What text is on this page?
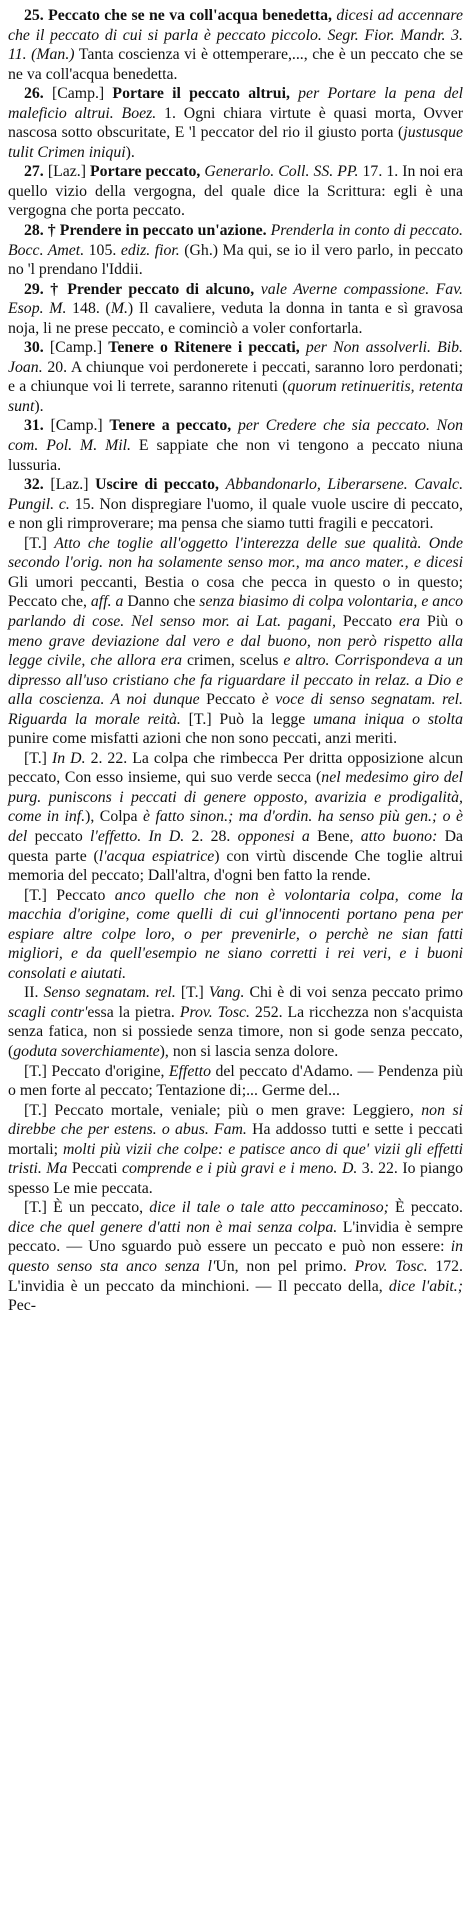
25. Peccato che se ne va coll'acqua benedetta, dicesi ad accennare che il peccato di cui si parla è peccato piccolo. Segr. Fior. Mandr. 3. 11. (Man.) Tanta coscienza vi è ottemperare,..., che è un peccato che se ne va coll'acqua benedetta.

26. [Camp.] Portare il peccato altrui, per Portare la pena del maleficio altrui. Boez. 1. Ogni chiara virtute è quasi morta, Ovver nascosa sotto obscuritate, E 'l peccator del rio il giusto porta (justusque tulit Crimen iniqui).

27. [Laz.] Portare peccato, Generarlo. Coll. SS. PP. 17. 1. In noi era quello vizio della vergogna, del quale dice la Scrittura: egli è una vergogna che porta peccato.

28. † Prendere in peccato un'azione. Prenderla in conto di peccato. Bocc. Amet. 105. ediz. fior. (Gh.) Ma qui, se io il vero parlo, in peccato no 'l prendano l'Iddii.

29. † Prender peccato di alcuno, vale Averne compassione. Fav. Esop. M. 148. (M.) Il cavaliere, veduta la donna in tanta e sì gravosa noja, li ne prese peccato, e cominciò a voler confortarla.

30. [Camp.] Tenere o Ritenere i peccati, per Non assolverli. Bib. Joan. 20. A chiunque voi perdonerete i peccati, saranno loro perdonati; e a chiunque voi li terrete, saranno ritenuti (quorum retinueritis, retenta sunt).

31. [Camp.] Tenere a peccato, per Credere che sia peccato. Non com. Pol. M. Mil. E sappiate che non vi tengono a peccato niuna lussuria.

32. [Laz.] Uscire di peccato, Abbandonarlo, Liberarsene. Cavalc. Pungil. c. 15. Non dispregiare l'uomo, il quale vuole uscire di peccato, e non gli rimproverare; ma pensa che siamo tutti fragili e peccatori.

[T.] Atto che toglie all'oggetto l'interezza delle sue qualità. Onde secondo l'orig. non ha solamente senso mor., ma anco mater., e dicesi Gli umori peccanti, Bestia o cosa che pecca in questo o in questo; Peccato che, aff. a Danno che senza biasimo di colpa volontaria, e anco parlando di cose. Nel senso mor. ai Lat. pagani, Peccato era Più o meno grave deviazione dal vero e dal buono, non però rispetto alla legge civile, che allora era crimen, scelus e altro. Corrispondeva a un dipresso all'uso cristiano che fa riguardare il peccato in relaz. a Dio e alla coscienza. A noi dunque Peccato è voce di senso segnatam. rel. Riguarda la morale reità. [T.] Può la legge umana iniqua o stolta punire come misfatti azioni che non sono peccati, anzi meriti.

[T.] In D. 2. 22. La colpa che rimbecca Per dritta opposizione alcun peccato, Con esso insieme, qui suo verde secca (nel medesimo giro del purg. puniscons i peccati di genere opposto, avarizia e prodigalità, come in inf.), Colpa è fatto sinon.; ma d'ordin. ha senso più gen.; o è del peccato l'effetto. In D. 2. 28. opponesi a Bene, atto buono: Da questa parte (l'acqua espiatrice) con virtù discende Che toglie altrui memoria del peccato; Dall'altra, d'ogni ben fatto la rende.

[T.] Peccato anco quello che non è volontaria colpa, come la macchia d'origine, come quelli di cui gl'innocenti portano pena per espiare altre colpe loro, o per prevenirle, o perchè ne sian fatti migliori, e da quell'esempio ne siano corretti i rei veri, e i buoni consolati e aiutati.

II. Senso segnatam. rel. [T.] Vang. Chi è di voi senza peccato primo scagli contr'essa la pietra. Prov. Tosc. 252. La ricchezza non s'acquista senza fatica, non si possiede senza timore, non si gode senza peccato, (goduta soverchiamente), non si lascia senza dolore.

[T.] Peccato d'origine, Effetto del peccato d'Adamo. — Pendenza più o men forte al peccato; Tentazione di;... Germe del...

[T.] Peccato mortale, veniale; più o men grave: Leggiero, non si direbbe che per estens. o abus. Fam. Ha addosso tutti e sette i peccati mortali; molti più vizii che colpe: e patisce anco di que' vizii gli effetti tristi. Ma Peccati comprende e i più gravi e i meno. D. 3. 22. Io piango spesso Le mie peccata.

[T.] È un peccato, dice il tale o tale atto peccaminoso; È peccato. dice che quel genere d'atti non è mai senza colpa. L'invidia è sempre peccato. — Uno sguardo può essere un peccato e può non essere: in questo senso sta anco senza l'Un, non pel primo. Prov. Tosc. 172. L'invidia è un peccato da minchioni. — Il peccato della, dice l'abit.; Pec-
